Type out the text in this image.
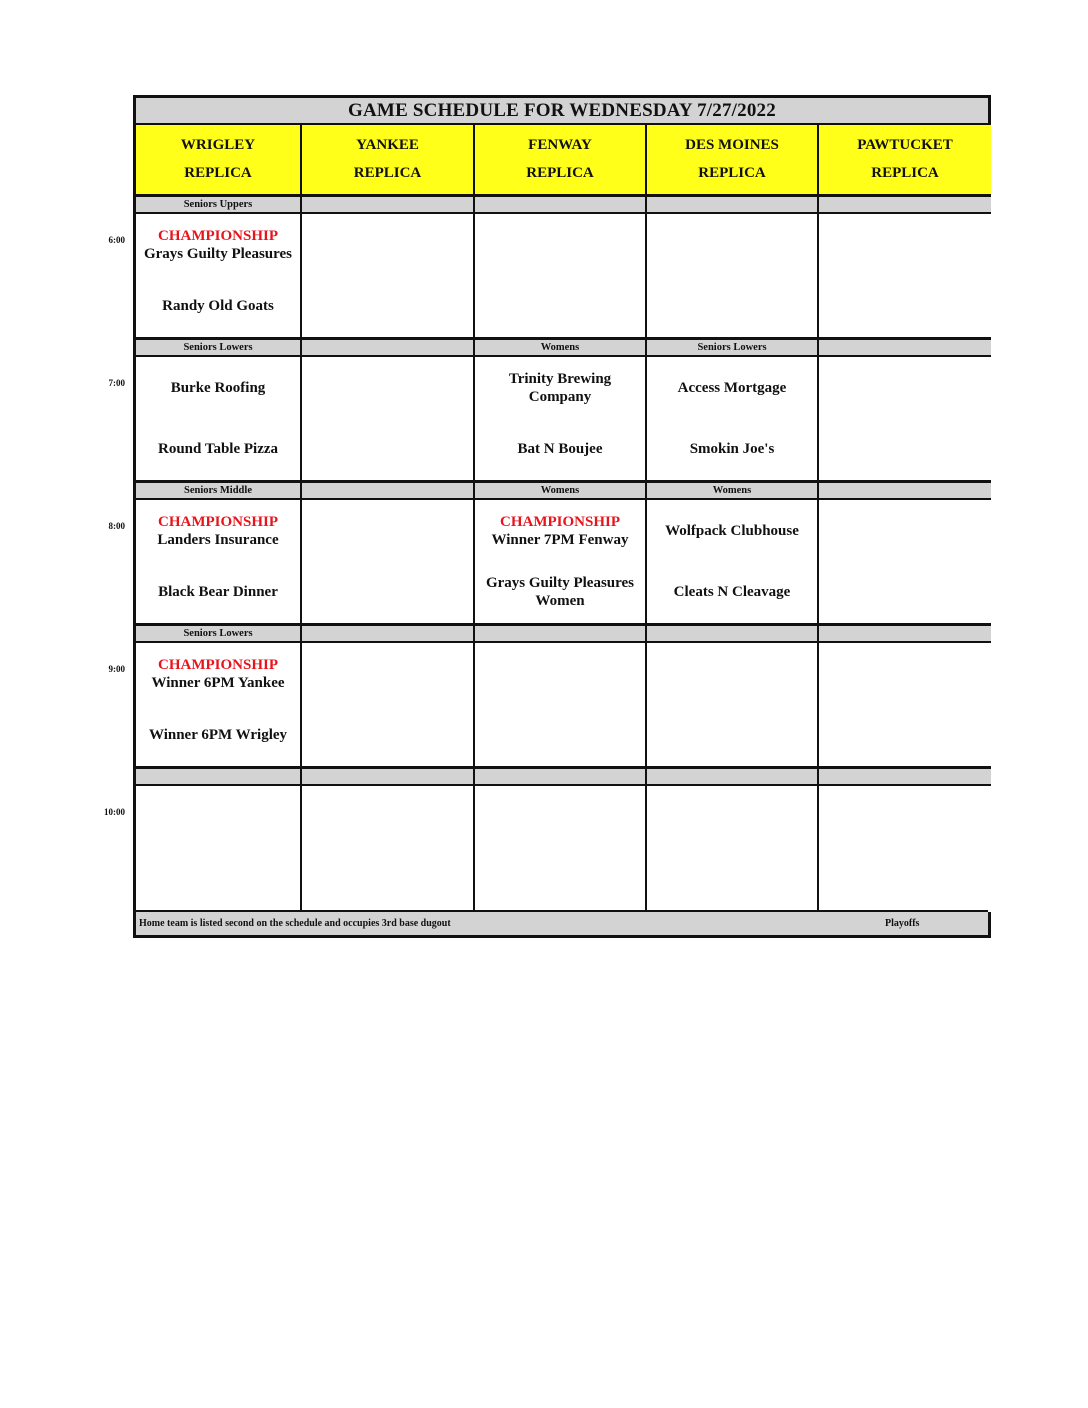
GAME SCHEDULE FOR WEDNESDAY 7/27/2022
WRIGLEY
REPLICA
YANKEE
REPLICA
FENWAY
REPLICA
DES MOINES
REPLICA
PAWTUCKET
REPLICA
Seniors Uppers
CHAMPIONSHIP
Grays Guilty Pleasures
Randy Old Goats
Seniors Lowers
Burke Roofing
Round Table Pizza
Womens
Trinity Brewing Company
Bat N Boujee
Seniors Lowers
Access Mortgage
Smokin Joe's
Seniors Middle
CHAMPIONSHIP
Landers Insurance
Black Bear Dinner
Womens
CHAMPIONSHIP
Winner 7PM Fenway
Grays Guilty Pleasures Women
Womens
Wolfpack Clubhouse
Cleats N Cleavage
Seniors Lowers
CHAMPIONSHIP
Winner 6PM Yankee
Winner 6PM Wrigley
Home team is listed second on the schedule and occupies 3rd base dugout	Playoffs
6:00
7:00
8:00
9:00
10:00
